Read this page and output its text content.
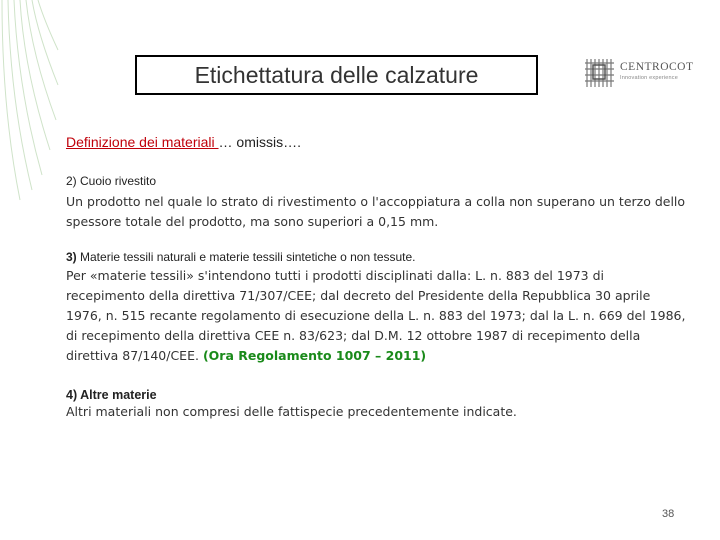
Etichettatura delle calzature	CENTROCOT
Innovation experience

Definizione dei materiali … omissis….

2) Cuoio rivestito

Un prodotto nel quale lo strato di rivestimento o l'accoppiatura a colla non superano un terzo dello spessore totale del prodotto, ma sono superiori a 0,15 mm.

3) Materie tessili naturali e materie tessili sintetiche o non tessute.

Per «materie tessili» s'intendono tutti i prodotti disciplinati dalla: L. n. 883 del 1973 di recepimento della direttiva 71/307/CEE; dal decreto del Presidente della Repubblica 30 aprile 1976, n. 515 recante regolamento di esecuzione della L. n. 883 del 1973; dal la L. n. 669 del 1986, di recepimento della direttiva CEE n. 83/623; dal D.M. 12 ottobre 1987 di recepimento della direttiva 87/140/CEE. (Ora Regolamento 1007 – 2011)

4) Altre materie

Altri materiali non compresi delle fattispecie precedentemente indicate.

38
